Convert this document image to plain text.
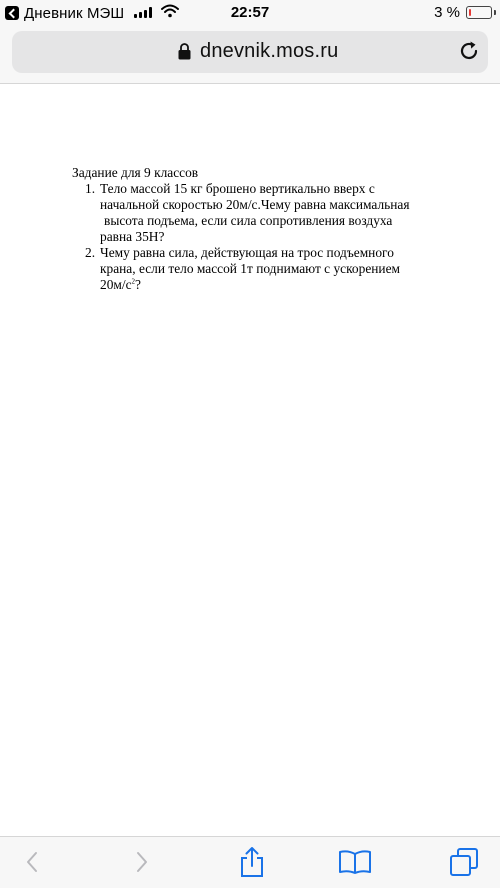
Дневник МЭШ	22:57	3 %
dnevnik.mos.ru
Задание для 9 классов
1. Тело массой 15 кг брошено вертикально вверх с
начальной скоростью 20м/с.Чему равна максимальная
высота подъема, если сила сопротивления воздуха
равна 35Н?
2. Чему равна сила, действующая на трос подъемного
крана, если тело массой 1т поднимают с ускорением
$20м/с^2$?
